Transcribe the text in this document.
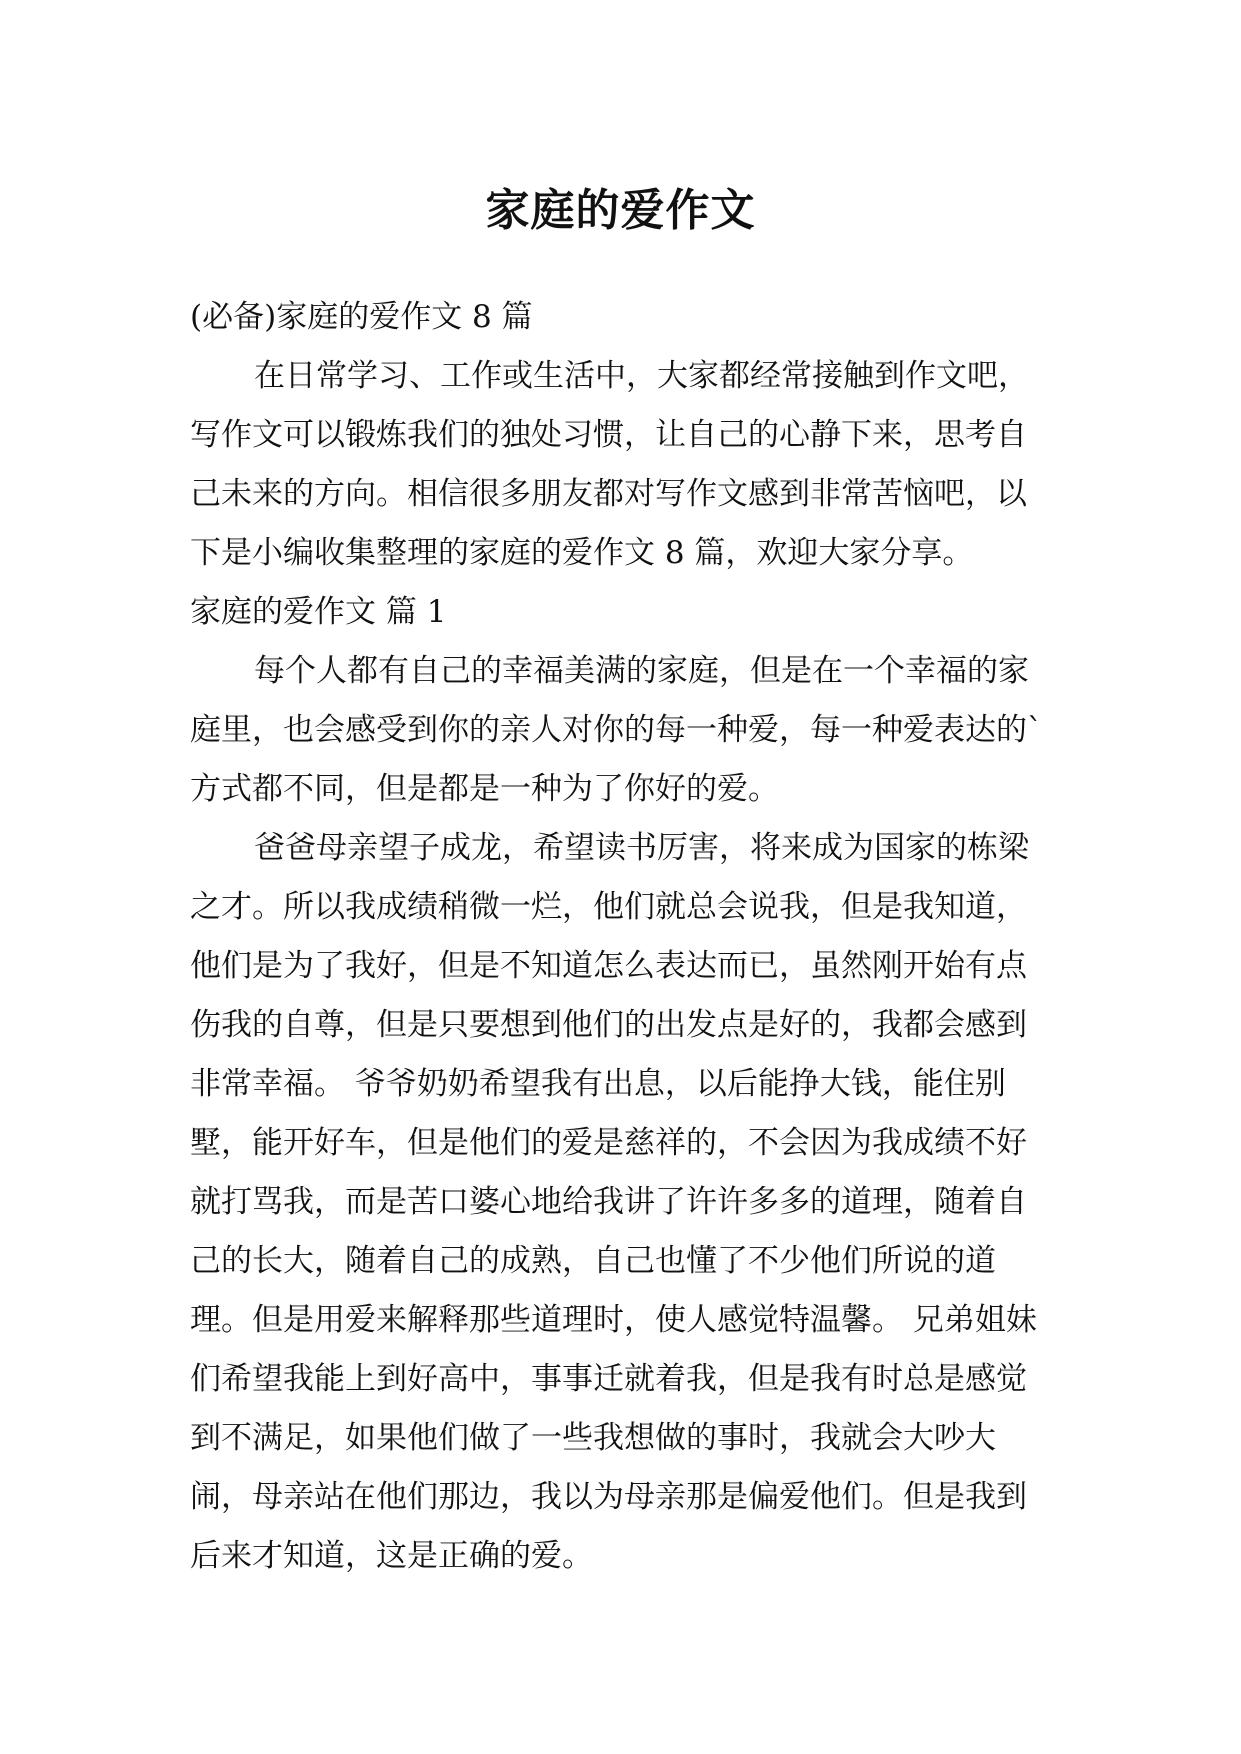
家庭的爱作文

(必备)家庭的爱作文 8 篇

在日常学习、工作或生活中，大家都经常接触到作文吧，写作文可以锻炼我们的独处习惯，让自己的心静下来，思考自己未来的方向。相信很多朋友都对写作文感到非常苦恼吧，以下是小编收集整理的家庭的爱作文 8 篇，欢迎大家分享。

家庭的爱作文 篇 1

每个人都有自己的幸福美满的家庭，但是在一个幸福的家庭里，也会感受到你的亲人对你的每一种爱，每一种爱表达的`方式都不同，但是都是一种为了你好的爱。

爸爸母亲望子成龙，希望读书厉害，将来成为国家的栋梁之才。所以我成绩稍微一烂，他们就总会说我，但是我知道，他们是为了我好，但是不知道怎么表达而已，虽然刚开始有点伤我的自尊，但是只要想到他们的出发点是好的，我都会感到非常幸福。 爷爷奶奶希望我有出息，以后能挣大钱，能住别墅，能开好车，但是他们的爱是慈祥的，不会因为我成绩不好就打骂我，而是苦口婆心地给我讲了许许多多的道理，随着自己的长大，随着自己的成熟，自己也懂了不少他们所说的道理。但是用爱来解释那些道理时，使人感觉特温馨。 兄弟姐妹们希望我能上到好高中，事事迁就着我，但是我有时总是感觉到不满足，如果他们做了一些我想做的事时，我就会大吵大闹，母亲站在他们那边，我以为母亲那是偏爱他们。但是我到后来才知道，这是正确的爱。
